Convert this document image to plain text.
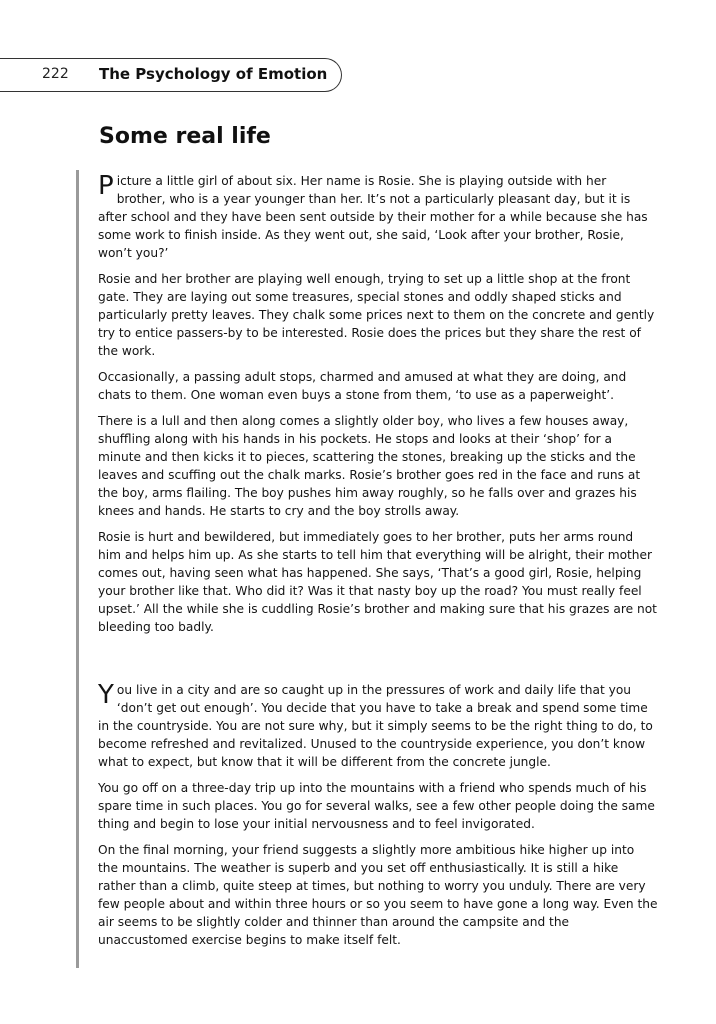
222 The Psychology of Emotion
Some real life

Picture a little girl of about six. Her name is Rosie. She is playing outside with her brother, who is a year younger than her. It’s not a particularly pleasant day, but it is after school and they have been sent outside by their mother for a while because she has some work to finish inside. As they went out, she said, ‘Look after your brother, Rosie, won’t you?’

Rosie and her brother are playing well enough, trying to set up a little shop at the front gate. They are laying out some treasures, special stones and oddly shaped sticks and particularly pretty leaves. They chalk some prices next to them on the concrete and gently try to entice passers-by to be interested. Rosie does the prices but they share the rest of the work.

Occasionally, a passing adult stops, charmed and amused at what they are doing, and chats to them. One woman even buys a stone from them, ‘to use as a paperweight’.

There is a lull and then along comes a slightly older boy, who lives a few houses away, shuffling along with his hands in his pockets. He stops and looks at their ‘shop’ for a minute and then kicks it to pieces, scattering the stones, breaking up the sticks and the leaves and scuffing out the chalk marks. Rosie’s brother goes red in the face and runs at the boy, arms flailing. The boy pushes him away roughly, so he falls over and grazes his knees and hands. He starts to cry and the boy strolls away.

Rosie is hurt and bewildered, but immediately goes to her brother, puts her arms round him and helps him up. As she starts to tell him that everything will be alright, their mother comes out, having seen what has happened. She says, ‘That’s a good girl, Rosie, helping your brother like that. Who did it? Was it that nasty boy up the road? You must really feel upset.’ All the while she is cuddling Rosie’s brother and making sure that his grazes are not bleeding too badly.

You live in a city and are so caught up in the pressures of work and daily life that you ‘don’t get out enough’. You decide that you have to take a break and spend some time in the countryside. You are not sure why, but it simply seems to be the right thing to do, to become refreshed and revitalized. Unused to the countryside experience, you don’t know what to expect, but know that it will be different from the concrete jungle.

You go off on a three-day trip up into the mountains with a friend who spends much of his spare time in such places. You go for several walks, see a few other people doing the same thing and begin to lose your initial nervousness and to feel invigorated.

On the final morning, your friend suggests a slightly more ambitious hike higher up into the mountains. The weather is superb and you set off enthusiastically. It is still a hike rather than a climb, quite steep at times, but nothing to worry you unduly. There are very few people about and within three hours or so you seem to have gone a long way. Even the air seems to be slightly colder and thinner than around the campsite and the unaccustomed exercise begins to make itself felt.
